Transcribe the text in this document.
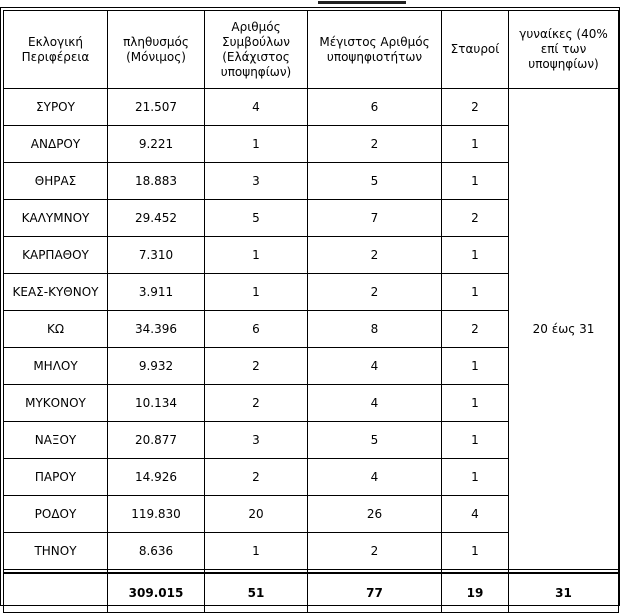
Εκλογική Περιφέρεια	πληθυσμός (Μόνιμος)	Αριθμός Συμβούλων (Ελάχιστος υποψηφίων)	Μέγιστος Αριθμός υποψηφιοτήτων	Σταυροί	γυναίκες (40% επί των υποψηφίων)
ΣΥΡΟΥ	21.507	4	6	2	20 έως 31
ΑΝΔΡΟΥ	9.221	1	2	1	
ΘΗΡΑΣ	18.883	3	5	1	
ΚΑΛΥΜΝΟΥ	29.452	5	7	2	
ΚΑΡΠΑΘΟΥ	7.310	1	2	1	
ΚΕΑΣ-ΚΥΘΝΟΥ	3.911	1	2	1	
ΚΩ	34.396	6	8	2	
ΜΗΛΟΥ	9.932	2	4	1	
ΜΥΚΟΝΟΥ	10.134	2	4	1	
ΝΑΞΟΥ	20.877	3	5	1	
ΠΑΡΟΥ	14.926	2	4	1	
ΡΟΔΟΥ	119.830	20	26	4	
ΤΗΝΟΥ	8.636	1	2	1	

	309.015	51	77	19	31
